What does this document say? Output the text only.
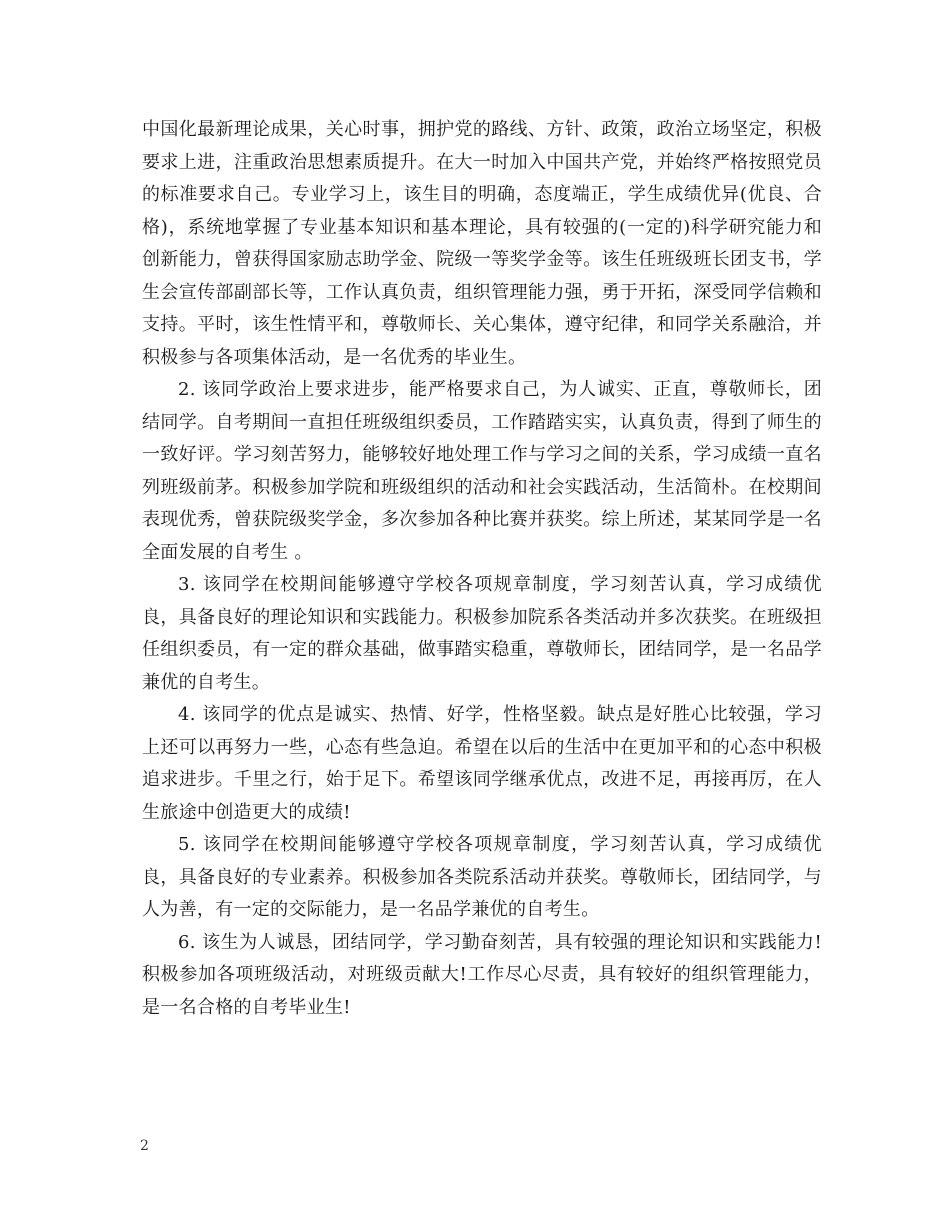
中国化最新理论成果，关心时事，拥护党的路线、方针、政策，政治立场坚定，积极要求上进，注重政治思想素质提升。在大一时加入中国共产党，并始终严格按照党员的标准要求自己。专业学习上，该生目的明确，态度端正，学生成绩优异(优良、合格)，系统地掌握了专业基本知识和基本理论，具有较强的(一定的)科学研究能力和创新能力，曾获得国家励志助学金、院级一等奖学金等。该生任班级班长团支书，学生会宣传部副部长等，工作认真负责，组织管理能力强，勇于开拓，深受同学信赖和支持。平时，该生性情平和，尊敬师长、关心集体，遵守纪律，和同学关系融洽，并积极参与各项集体活动，是一名优秀的毕业生。

2. 该同学政治上要求进步，能严格要求自己，为人诚实、正直，尊敬师长，团结同学。自考期间一直担任班级组织委员，工作踏踏实实，认真负责，得到了师生的一致好评。学习刻苦努力，能够较好地处理工作与学习之间的关系，学习成绩一直名列班级前茅。积极参加学院和班级组织的活动和社会实践活动，生活简朴。在校期间表现优秀，曾获院级奖学金，多次参加各种比赛并获奖。综上所述，某某同学是一名全面发展的自考生 。

3. 该同学在校期间能够遵守学校各项规章制度，学习刻苦认真，学习成绩优良，具备良好的理论知识和实践能力。积极参加院系各类活动并多次获奖。在班级担任组织委员，有一定的群众基础，做事踏实稳重，尊敬师长，团结同学，是一名品学兼优的自考生。

4. 该同学的优点是诚实、热情、好学，性格坚毅。缺点是好胜心比较强，学习上还可以再努力一些，心态有些急迫。希望在以后的生活中在更加平和的心态中积极追求进步。千里之行，始于足下。希望该同学继承优点，改进不足，再接再厉，在人生旅途中创造更大的成绩!

5. 该同学在校期间能够遵守学校各项规章制度，学习刻苦认真，学习成绩优良，具备良好的专业素养。积极参加各类院系活动并获奖。尊敬师长，团结同学，与人为善，有一定的交际能力，是一名品学兼优的自考生。

6. 该生为人诚恳，团结同学，学习勤奋刻苦，具有较强的理论知识和实践能力!积极参加各项班级活动，对班级贡献大!工作尽心尽责，具有较好的组织管理能力，是一名合格的自考毕业生!

2
